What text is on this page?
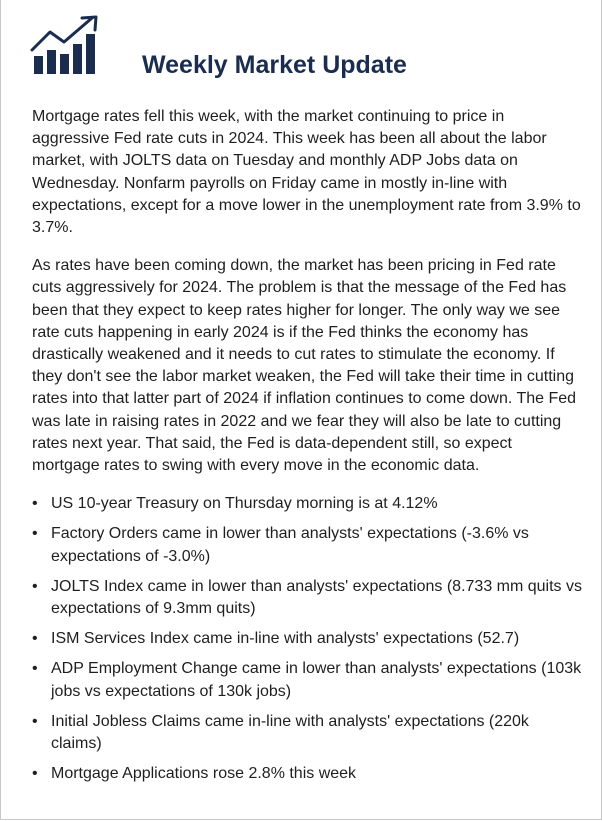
Weekly Market Update

Mortgage rates fell this week, with the market continuing to price in aggressive Fed rate cuts in 2024. This week has been all about the labor market, with JOLTS data on Tuesday and monthly ADP Jobs data on Wednesday. Nonfarm payrolls on Friday came in mostly in-line with expectations, except for a move lower in the unemployment rate from 3.9% to 3.7%.

As rates have been coming down, the market has been pricing in Fed rate cuts aggressively for 2024. The problem is that the message of the Fed has been that they expect to keep rates higher for longer. The only way we see rate cuts happening in early 2024 is if the Fed thinks the economy has drastically weakened and it needs to cut rates to stimulate the economy. If they don't see the labor market weaken, the Fed will take their time in cutting rates into that latter part of 2024 if inflation continues to come down. The Fed was late in raising rates in 2022 and we fear they will also be late to cutting rates next year. That said, the Fed is data-dependent still, so expect mortgage rates to swing with every move in the economic data.

• US 10-year Treasury on Thursday morning is at 4.12%
• Factory Orders came in lower than analysts' expectations (-3.6% vs expectations of -3.0%)
• JOLTS Index came in lower than analysts' expectations (8.733 mm quits vs expectations of 9.3mm quits)
• ISM Services Index came in-line with analysts' expectations (52.7)
• ADP Employment Change came in lower than analysts' expectations (103k jobs vs expectations of 130k jobs)
• Initial Jobless Claims came in-line with analysts' expectations (220k claims)
• Mortgage Applications rose 2.8% this week
